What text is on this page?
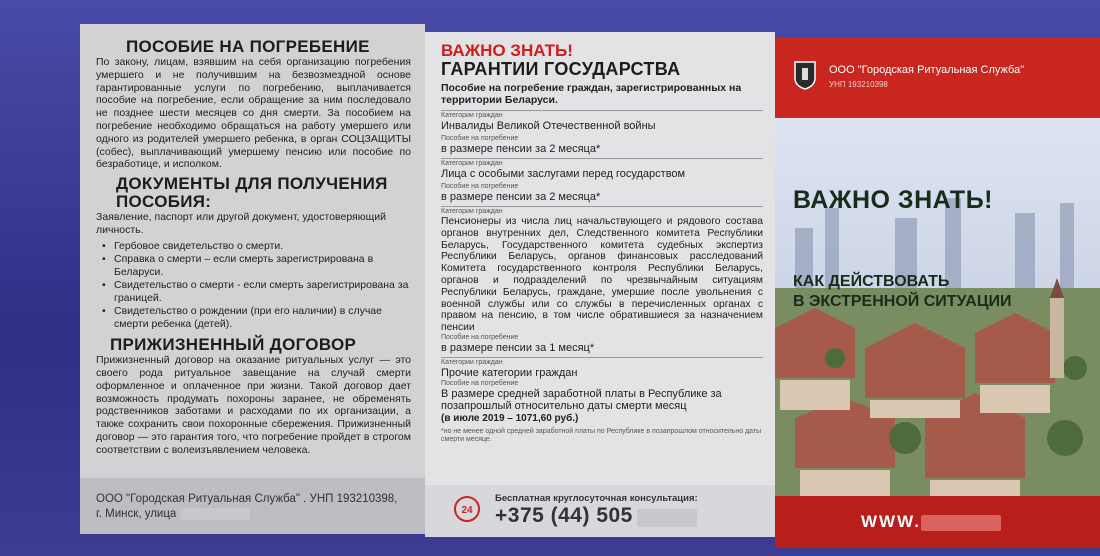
ПОСОБИЕ НА ПОГРЕБЕНИЕ

По закону, лицам, взявшим на себя организацию погребения умершего и не получившим на безвозмездной основе гарантированные услуги по погребению, выплачивается пособие на погребение, если обращение за ним последовало не позднее шести месяцев со дня смерти. За пособием на погребение необходимо обращаться на работу умершего или одного из родителей умершего ребенка, в орган СОЦЗАЩИТЫ (собес), выплачивающий умершему пенсию или пособие по безработице, и исполком.

ДОКУМЕНТЫ ДЛЯ ПОЛУЧЕНИЯ ПОСОБИЯ:

Заявление, паспорт или другой документ, удостоверяющий личность.

• Гербовое свидетельство о смерти.
• Справка о смерти – если смерть зарегистрирована в Беларуси.
• Свидетельство о смерти - если смерть зарегистрирована за границей.
• Свидетельство о рождении (при его наличии) в случае смерти ребенка (детей).
ПРИЖИЗНЕННЫЙ ДОГОВОР

Прижизненный договор на оказание ритуальных услуг — это своего рода ритуальное завещание на случай смерти оформленное и оплаченное при жизни. Такой договор дает возможность продумать похороны заранее, не обременять родственников заботами и расходами по их организации, а также сохранить свои похоронные сбережения. Прижизненный договор — это гарантия того, что погребение пройдет в строгом соответствии с волеизъявлением человека.

ООО "Городская Ритуальная Служба" . УНП 193210398,
г. Минск, улица
ВАЖНО ЗНАТЬ!
ГАРАНТИИ ГОСУДАРСТВА
Пособие на погребение граждан, зарегистрированных на территории Беларуси.
Категории граждан
Инвалиды Великой Отечественной войны
Пособие на погребение
в размере пенсии за 2 месяца*
Категории граждан
Лица с особыми заслугами перед государством
Пособие на погребение
в размере пенсии за 2 месяца*
Категории граждан
Пенсионеры из числа лиц начальствующего и рядового состава органов внутренних дел, Следственного комитета Республики Беларусь, Государственного комитета судебных экспертиз Республики Беларусь, органов финансовых расследований Комитета государственного контроля Республики Беларусь, органов и подразделений по чрезвычайным ситуациям Республики Беларусь, граждане, умершие после увольнения с военной службы или со службы в перечисленных органах с правом на пенсию, в том числе обратившиеся за назначением пенсии
Пособие на погребение
в размере пенсии за 1 месяц*
Категории граждан
Прочие категории граждан
Пособие на погребение
В размере средней заработной платы в Республике за позапрошлый относительно даты смерти месяц
(в июле 2019 – 1071,60 руб.)
*но не менее одной средней заработной платы по Республике в позапрошлом относительно даты смерти месяце.
24
Бесплатная круглосуточная консультация:
+375 (44) 505
ООО "Городская Ритуальная Служба"
УНП 193210398
ВАЖНО ЗНАТЬ!
КАК ДЕЙСТВОВАТЬ
В ЭКСТРЕННОЙ СИТУАЦИИ
WWW.
